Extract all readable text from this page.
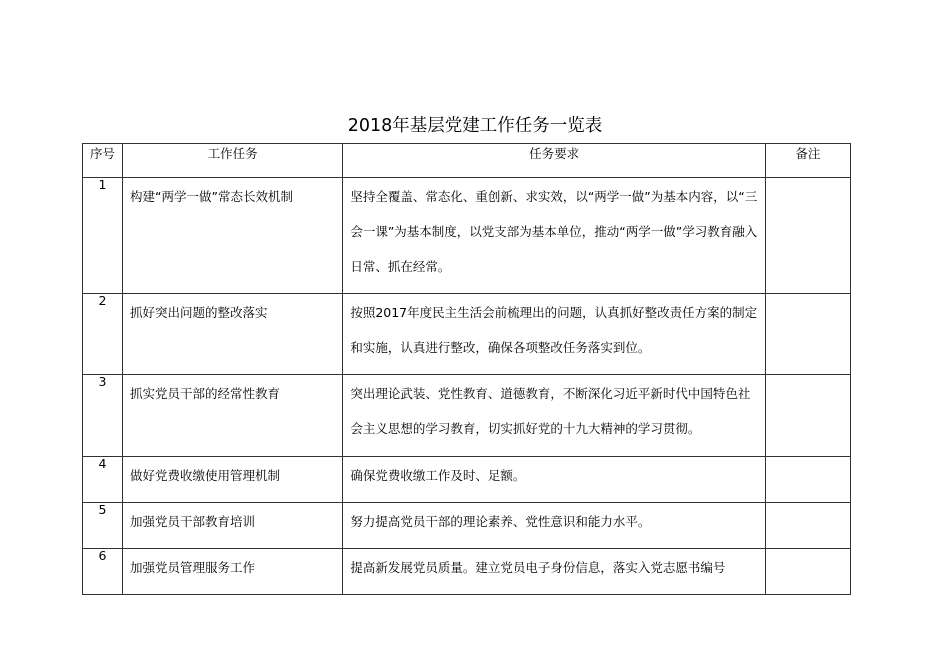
2018年基层党建工作任务一览表
序号	工作任务	任务要求	备注
1	构建“两学一做”常态长效机制	坚持全覆盖、常态化、重创新、求实效，以“两学一做”为基本内容，以“三会一课”为基本制度，以党支部为基本单位，推动“两学一做”学习教育融入日常、抓在经常。	

2	抓好突出问题的整改落实	按照2017年度民主生活会前梳理出的问题，认真抓好整改责任方案的制定和实施，认真进行整改，确保各项整改任务落实到位。	

3	抓实党员干部的经常性教育	突出理论武装、党性教育、道德教育，不断深化习近平新时代中国特色社会主义思想的学习教育，切实抓好党的十九大精神的学习贯彻。	

4	做好党费收缴使用管理机制	确保党费收缴工作及时、足额。	

5	加强党员干部教育培训	努力提高党员干部的理论素养、党性意识和能力水平。	

6	加强党员管理服务工作	提高新发展党员质量。建立党员电子身份信息，落实入党志愿书编号	
